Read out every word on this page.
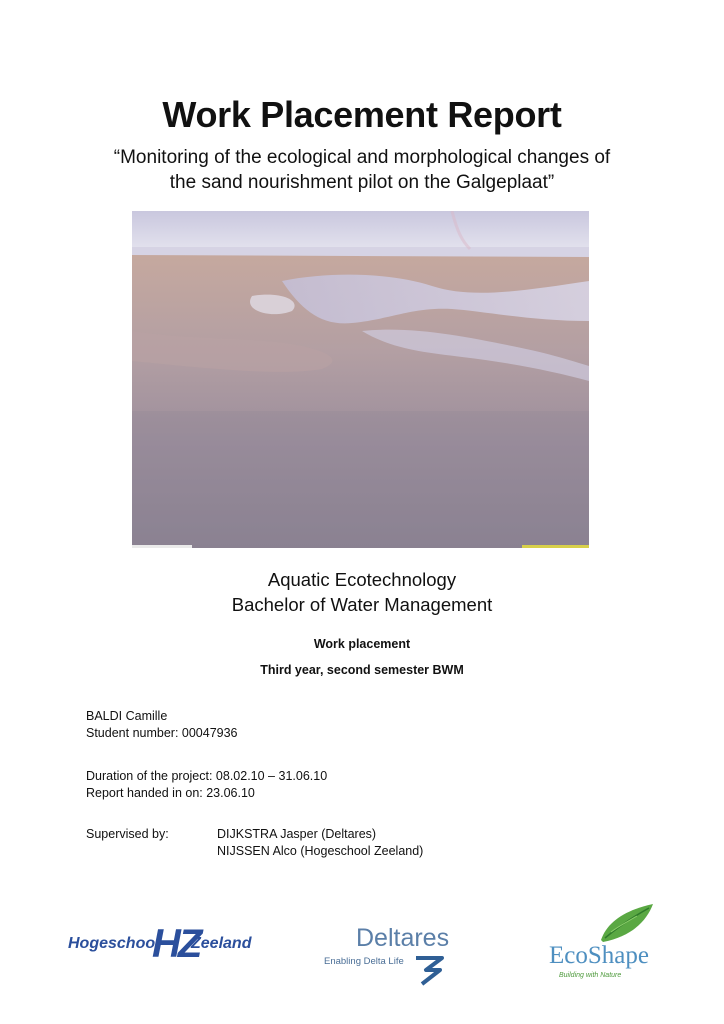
Work Placement Report
“Monitoring of the ecological and morphological changes of
the sand nourishment pilot on the Galgeplaat”
Aquatic Ecotechnology
Bachelor of Water Management
Work placement
Third year, second semester BWM
BALDI Camille
Student number: 00047936
Duration of the project: 08.02.10 – 31.06.10
Report handed in on: 23.06.10
Supervised by:	DIJKSTRA Jasper (Deltares)
NIJSSEN Alco (Hogeschool Zeeland)
Hogeschool
HZ
Zeeland	Deltares
Enabling Delta Life	EcoShape
Building with Nature
